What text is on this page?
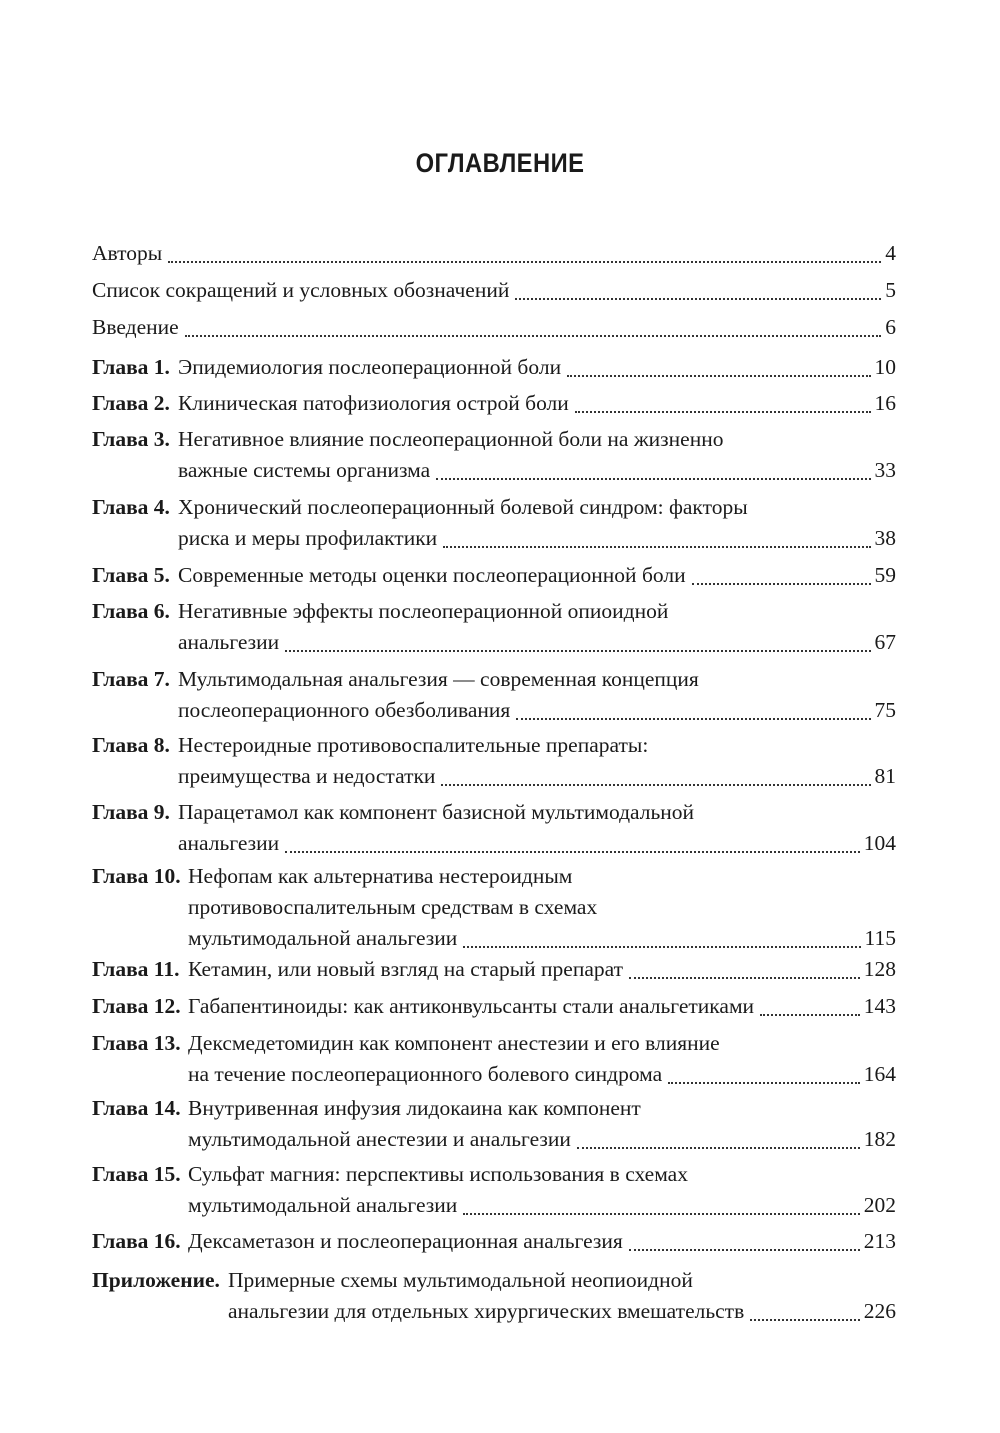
ОГЛАВЛЕНИЕ
Авторы	4
Список сокращений и условных обозначений	5
Введение	6
Глава 1. Эпидемиология послеоперационной боли	10
Глава 2. Клиническая патофизиология острой боли	16
Глава 3. Негативное влияние послеоперационной боли на жизненно
важные системы организма	33
Глава 4. Хронический послеоперационный болевой синдром: факторы
риска и меры профилактики	38
Глава 5. Современные методы оценки послеоперационной боли	59
Глава 6. Негативные эффекты послеоперационной опиоидной
анальгезии	67
Глава 7. Мультимодальная анальгезия — современная концепция
послеоперационного обезболивания	75
Глава 8. Нестероидные противовоспалительные препараты:
преимущества и недостатки	81
Глава 9. Парацетамол как компонент базисной мультимодальной
анальгезии	104
Глава 10. Нефопам как альтернатива нестероидным
противовоспалительным средствам в схемах
мультимодальной анальгезии	115
Глава 11. Кетамин, или новый взгляд на старый препарат	128
Глава 12. Габапентиноиды: как антиконвульсанты стали анальгетиками	143
Глава 13. Дексмедетомидин как компонент анестезии и его влияние
на течение послеоперационного болевого синдрома	164
Глава 14. Внутривенная инфузия лидокаина как компонент
мультимодальной анестезии и анальгезии	182
Глава 15. Сульфат магния: перспективы использования в схемах
мультимодальной анальгезии	202
Глава 16. Дексаметазон и послеоперационная анальгезия	213
Приложение. Примерные схемы мультимодальной неопиоидной
анальгезии для отдельных хирургических вмешательств	226
